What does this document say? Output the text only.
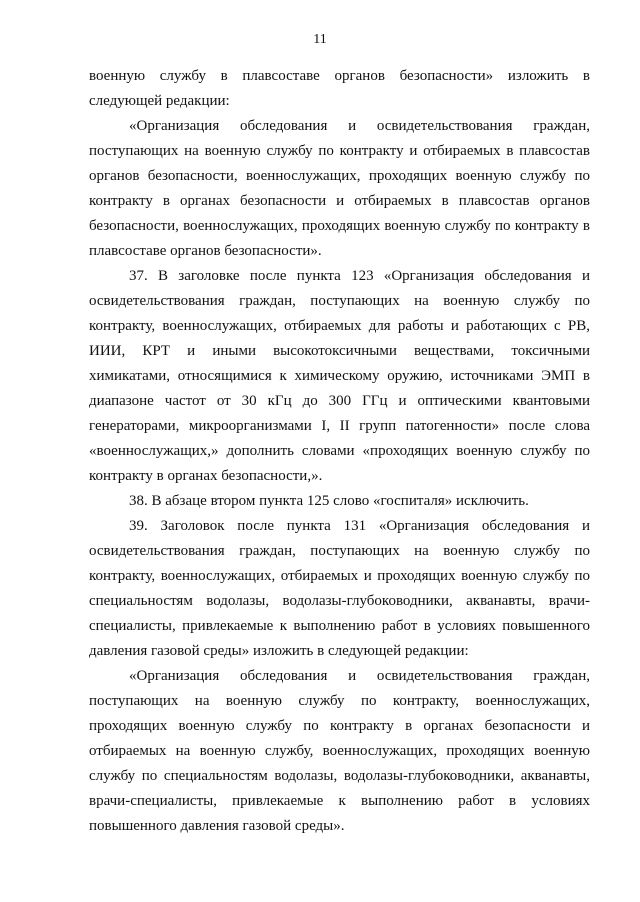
11

военную службу в плавсоставе органов безопасности» изложить в следующей редакции:

«Организация обследования и освидетельствования граждан, поступающих на военную службу по контракту и отбираемых в плавсостав органов безопасности, военнослужащих, проходящих военную службу по контракту в органах безопасности и отбираемых в плавсостав органов безопасности, военнослужащих, проходящих военную службу по контракту в плавсоставе органов безопасности».

37. В заголовке после пункта 123 «Организация обследования и освидетельствования граждан, поступающих на военную службу по контракту, военнослужащих, отбираемых для работы и работающих с РВ, ИИИ, КРТ и иными высокотоксичными веществами, токсичными химикатами, относящимися к химическому оружию, источниками ЭМП в диапазоне частот от 30 кГц до 300 ГГц и оптическими квантовыми генераторами, микроорганизмами I, II групп патогенности» после слова «военнослужащих,» дополнить словами «проходящих военную службу по контракту в органах безопасности,».

38. В абзаце втором пункта 125 слово «госпиталя» исключить.

39. Заголовок после пункта 131 «Организация обследования и освидетельствования граждан, поступающих на военную службу по контракту, военнослужащих, отбираемых и проходящих военную службу по специальностям водолазы, водолазы-глубоководники, акванавты, врачи-специалисты, привлекаемые к выполнению работ в условиях повышенного давления газовой среды» изложить в следующей редакции:

«Организация обследования и освидетельствования граждан, поступающих на военную службу по контракту, военнослужащих, проходящих военную службу по контракту в органах безопасности и отбираемых на военную службу, военнослужащих, проходящих военную службу по специальностям водолазы, водолазы-глубоководники, акванавты, врачи-специалисты, привлекаемые к выполнению работ в условиях повышенного давления газовой среды».
